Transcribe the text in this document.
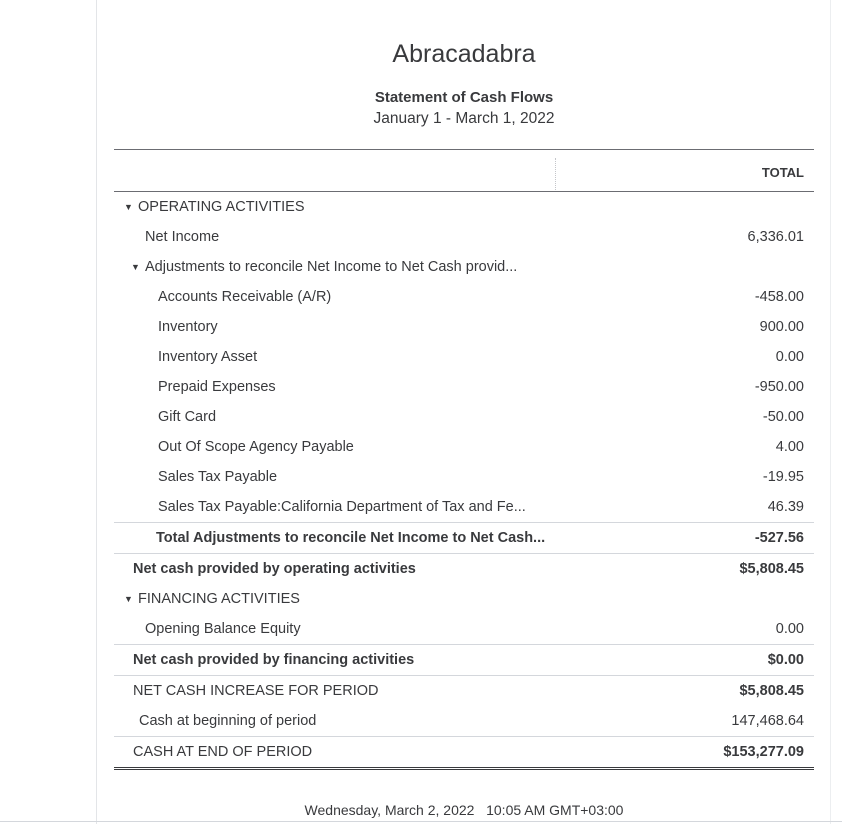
Abracadabra
Statement of Cash Flows
January 1 - March 1, 2022
TOTAL
▼ OPERATING ACTIVITIES
Net Income	6,336.01
▼ Adjustments to reconcile Net Income to Net Cash provid...
Accounts Receivable (A/R)	-458.00
Inventory	900.00
Inventory Asset	0.00
Prepaid Expenses	-950.00
Gift Card	-50.00
Out Of Scope Agency Payable	4.00
Sales Tax Payable	-19.95
Sales Tax Payable:California Department of Tax and Fe...	46.39
Total Adjustments to reconcile Net Income to Net Cash...	-527.56
Net cash provided by operating activities	$5,808.45
▼ FINANCING ACTIVITIES
Opening Balance Equity	0.00
Net cash provided by financing activities	$0.00
NET CASH INCREASE FOR PERIOD	$5,808.45
Cash at beginning of period	147,468.64
CASH AT END OF PERIOD	$153,277.09
Wednesday, March 2, 2022   10:05 AM GMT+03:00
